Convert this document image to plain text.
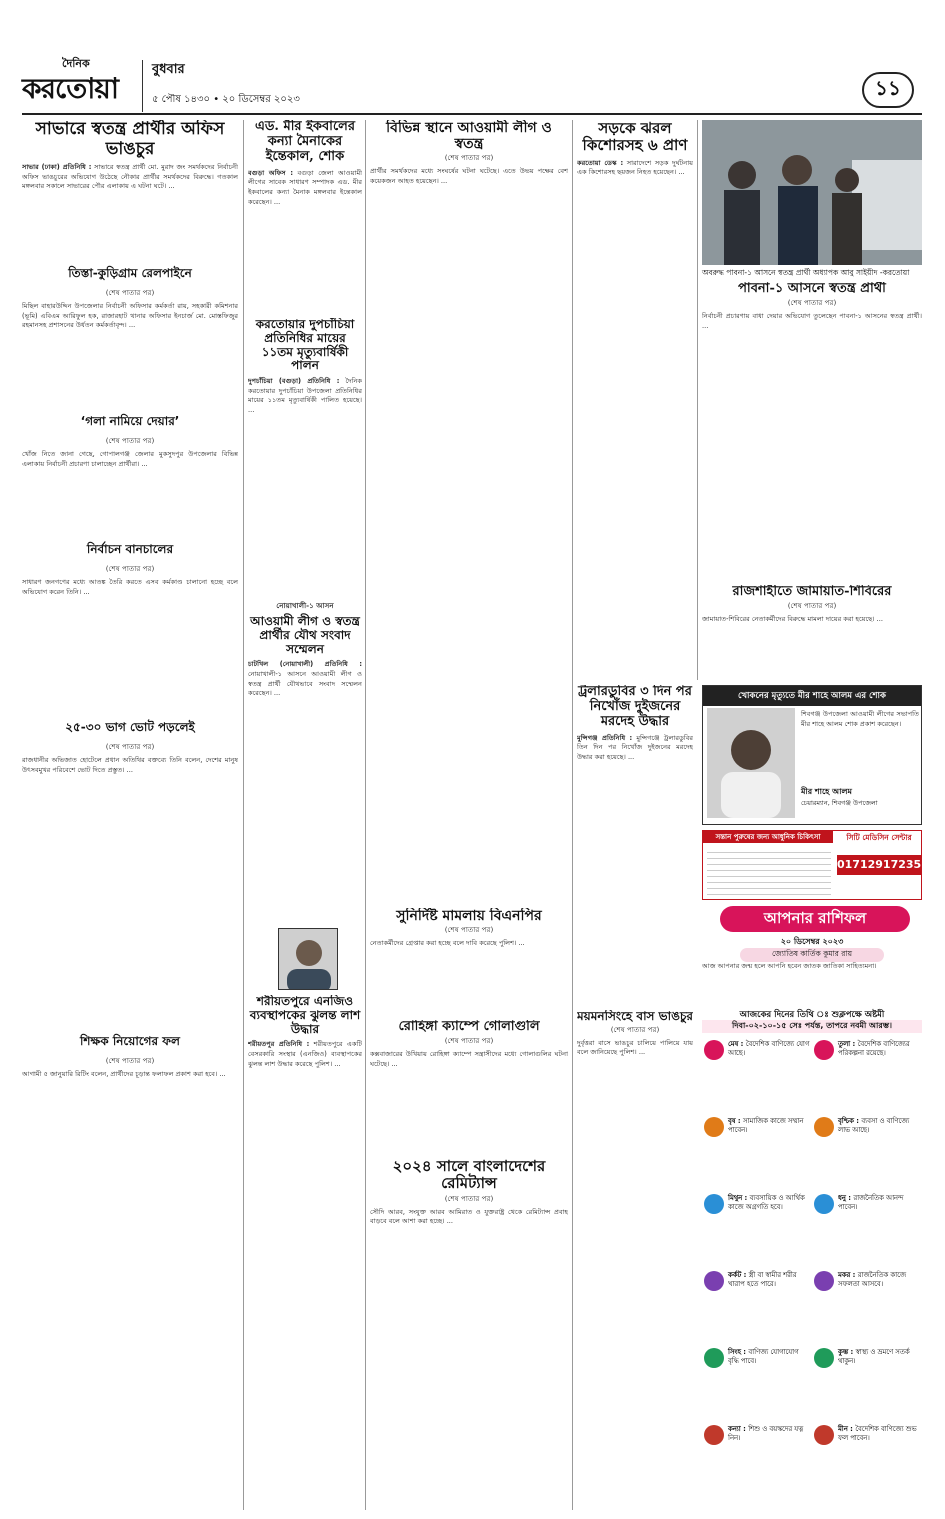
দৈনিক
করতোয়া
বুধবার
৫ পৌষ ১৪৩০ • ২০ ডিসেম্বর ২০২৩	১১
সাভারে স্বতন্ত্র প্রার্থীর অফিস ভাঙচুর
সাভার (ঢাকা) প্রতিনিধি : সাভারে স্বতন্ত্র প্রার্থী মো. মুরাদ জং সমর্থকদের নির্বাচনী অফিস ভাঙচুরের অভিযোগ উঠেছে নৌকার প্রার্থীর সমর্থকদের বিরুদ্ধে। গতকাল মঙ্গলবার সকালে সাভারের পৌর এলাকায় এ ঘটনা ঘটে। ...
তিস্তা-কুড়িগ্রাম রেলপাইনে
(শেষ পাতার পর)
মিছিল বাহারউদ্দিন উপজেলার নির্বাচনী অফিসার কর্মকর্তা রায়, সহকারী কমিশনার (ভূমি) এবিএম আরিফুল হক, রাজারহাট থানার অফিসার ইনচার্জ মো. মোস্তফিজুর রহমানসহ প্রশাসনের উর্ধতন কর্মকর্তাবৃন্দ। ...
‘গলা নামিয়ে দেয়ার’
(শেষ পাতার পর)
খোঁজ নিতে জানা গেছে, গোপালগঞ্জ জেলার মুকসুদপুর উপজেলার বিভিন্ন এলাকায় নির্বাচনী প্রচারণা চালাচ্ছেন প্রার্থীরা। ...
নির্বাচন বানচালের
(শেষ পাতার পর)
সাধারণ জনগণের মধ্যে আতঙ্ক তৈরি করতে এসব কর্মকাণ্ড চালানো হচ্ছে বলে অভিযোগ করেন তিনি। ...
২৫-৩০ ভাগ ভোট পড়লেই
(শেষ পাতার পর)
রাজধানীর অভিজাত হোটেলে প্রধান অতিথির বক্তব্যে তিনি বলেন, দেশের মানুষ উৎসবমুখর পরিবেশে ভোট দিতে প্রস্তুত। ...
শিক্ষক নিয়োগের ফল
(শেষ পাতার পর)
আগামী ৫ জানুয়ারি রিটিং বলেন, প্রার্থীদের চূড়ান্ত ফলাফল প্রকাশ করা হবে। ...
এড. মীর ইকবালের কন্যা মৈনাকের ইন্তেকাল, শোক
বগুড়া অফিস : বগুড়া জেলা আওয়ামী লীগের সাবেক সাধারণ সম্পাদক এড. মীর ইকবালের কন্যা মৈনাক মঙ্গলবার ইন্তেকাল করেছেন। ...
করতোয়ার দুপচাঁচিয়া প্রতিনিধির মায়ের ১১তম মৃত্যুবার্ষিকী পালন
দুপচাঁচিয়া (বগুড়া) প্রতিনিধি : দৈনিক করতোয়ার দুপচাঁচিয়া উপজেলা প্রতিনিধির মায়ের ১১তম মৃত্যুবার্ষিকী পালিত হয়েছে। ...
নোয়াখালী-১ আসন
আওয়ামী লীগ ও স্বতন্ত্র প্রার্থীর যৌথ সংবাদ সম্মেলন
চাটখিল (নোয়াখালী) প্রতিনিধি : নোয়াখালী-১ আসনে আওয়ামী লীগ ও স্বতন্ত্র প্রার্থী যৌথভাবে সংবাদ সম্মেলন করেছেন। ...
শরীয়তপুরে এনজিও ব্যবস্থাপকের ঝুলন্ত লাশ উদ্ধার
শরীয়তপুর প্রতিনিধি : শরীয়তপুরে একটি বেসরকারি সংস্থার (এনজিও) ব্যবস্থাপকের ঝুলন্ত লাশ উদ্ধার করেছে পুলিশ। ...
বিভিন্ন স্থানে আওয়ামী লীগ ও স্বতন্ত্র
(শেষ পাতার পর)
প্রার্থীর সমর্থকদের মধ্যে সংঘর্ষের ঘটনা ঘটেছে। এতে উভয় পক্ষের বেশ কয়েকজন আহত হয়েছেন। ...
সুনির্দিষ্ট মামলায় বিএনপির
(শেষ পাতার পর)
নেতাকর্মীদের গ্রেপ্তার করা হচ্ছে বলে দাবি করেছে পুলিশ। ...
রোহিঙ্গা ক্যাম্পে গোলাগুলি
(শেষ পাতার পর)
কক্সবাজারের উখিয়ায় রোহিঙ্গা ক্যাম্পে সন্ত্রাসীদের মধ্যে গোলাগুলির ঘটনা ঘটেছে। ...
২০২৪ সালে বাংলাদেশের রেমিট্যান্স
(শেষ পাতার পর)
সৌদি আরব, সংযুক্ত আরব আমিরাত ও যুক্তরাষ্ট্র থেকে রেমিট্যান্স প্রবাহ বাড়বে বলে আশা করা হচ্ছে। ...
সড়কে ঝরল কিশোরসহ ৬ প্রাণ
করতোয়া ডেস্ক : সারাদেশে সড়ক দুর্ঘটনায় এক কিশোরসহ ছয়জন নিহত হয়েছেন। ...
অবরুদ্ধ পাবনা-১ আসনে স্বতন্ত্র প্রার্থী অধ্যাপক আবু সাইয়ীদ -করতোয়া
পাবনা-১ আসনে স্বতন্ত্র প্রার্থী
(শেষ পাতার পর)
নির্বাচনী প্রচারণায় বাধা দেয়ার অভিযোগ তুলেছেন পাবনা-১ আসনের স্বতন্ত্র প্রার্থী। ...
রাজশাহীতে জামায়াত-শিবিরের
(শেষ পাতার পর)
জামায়াত-শিবিরের নেতাকর্মীদের বিরুদ্ধে মামলা দায়ের করা হয়েছে। ...
খোকনের মৃত্যুতে মীর শাহে আলম এর শোক
শিবগঞ্জ উপজেলা আওয়ামী লীগের সভাপতি মীর শাহে আলম শোক প্রকাশ করেছেন।
মীর শাহে আলম
চেয়ারম্যান, শিবগঞ্জ উপজেলা
ট্রলারডুবির ৩ দিন পর নিখোঁজ দুইজনের মরদেহ উদ্ধার
মুন্সিগঞ্জ প্রতিনিধি : মুন্সিগঞ্জে ট্রলারডুবির তিন দিন পর নিখোঁজ দুইজনের মরদেহ উদ্ধার করা হয়েছে। ...
ময়মনসিংহে বাস ভাঙচুর
(শেষ পাতার পর)
দুর্বৃত্তরা বাসে ভাঙচুর চালিয়ে পালিয়ে যায় বলে জানিয়েছে পুলিশ। ...
সন্তান পুরুষের জন্য আধুনিক চিকিৎসা	সিটি মেডিসিন সেন্টার
01712917235
আপনার রাশিফল
২০ ডিসেম্বর ২০২৩
জ্যোতিষ কার্তিক কুমার রায়
আজ আপনার জন্ম হলে আপনি হবেন জাতক জাতিকা সাহিত্যমনা।
আজকের দিনের তিথি ঃ শুক্লপক্ষে অষ্টমী
দিবা-০২-১০-১৫ সেঃ পর্যন্ত, তাপরে নবমী আরম্ভ।
মেষ : বৈদেশিক বাণিজ্যে যোগ আছে।
বৃষ : সামাজিক কাজে সম্মান পাবেন।
মিথুন : ব্যবসায়িক ও আর্থিক কাজে অগ্রগতি হবে।
কর্কট : স্ত্রী বা স্বামীর শরীর খারাপ হতে পারে।
সিংহ : বাণিজ্য যোগাযোগ বৃদ্ধি পাবে।
কন্যা : শিশু ও বয়স্কদের যত্ন নিন।
তুলা : বৈদেশিক বাণিজ্যের পরিকল্পনা রয়েছে।
বৃশ্চিক : ব্যবসা ও বাণিজ্যে লাভ আছে।
ধনু : রাজনৈতিক আনন্দ পাবেন।
মকর : রাজনৈতিক কাজে সফলতা আসবে।
কুম্ভ : স্বাস্থ্য ও ভ্রমণে সতর্ক থাকুন।
মীন : বৈদেশিক বাণিজ্যে শুভ ফল পাবেন।
